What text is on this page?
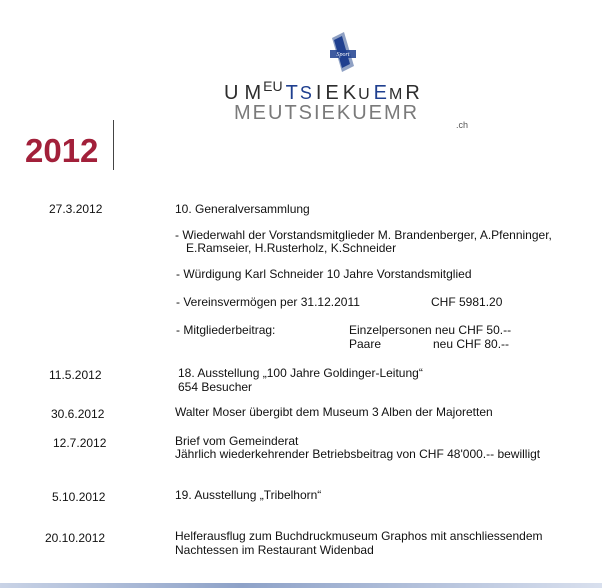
Sport
U M EU T S I E K U E M R
MEUTSIEKUEMR
.ch
2012
27.3.2012	10. Generalversammlung
- Wiederwahl der Vorstandsmitglieder M. Brandenberger, A.Pfenninger,
E.Ramseier, H.Rusterholz, K.Schneider
- Würdigung Karl Schneider 10 Jahre Vorstandsmitglied
- Vereinsvermögen per 31.12.2011	CHF 5981.20
- Mitgliederbeitrag:	Einzelpersonen neu CHF 50.--
Paare	neu CHF 80.--
11.5.2012	18. Ausstellung „100 Jahre Goldinger-Leitung“
654 Besucher
30.6.2012	Walter Moser übergibt dem Museum 3 Alben der Majoretten
12.7.2012	Brief vom Gemeinderat
Jährlich wiederkehrender Betriebsbeitrag von CHF 48'000.-- bewilligt
5.10.2012	19. Ausstellung „Tribelhorn“
20.10.2012	Helferausflug zum Buchdruckmuseum Graphos mit anschliessendem
Nachtessen im Restaurant Widenbad
